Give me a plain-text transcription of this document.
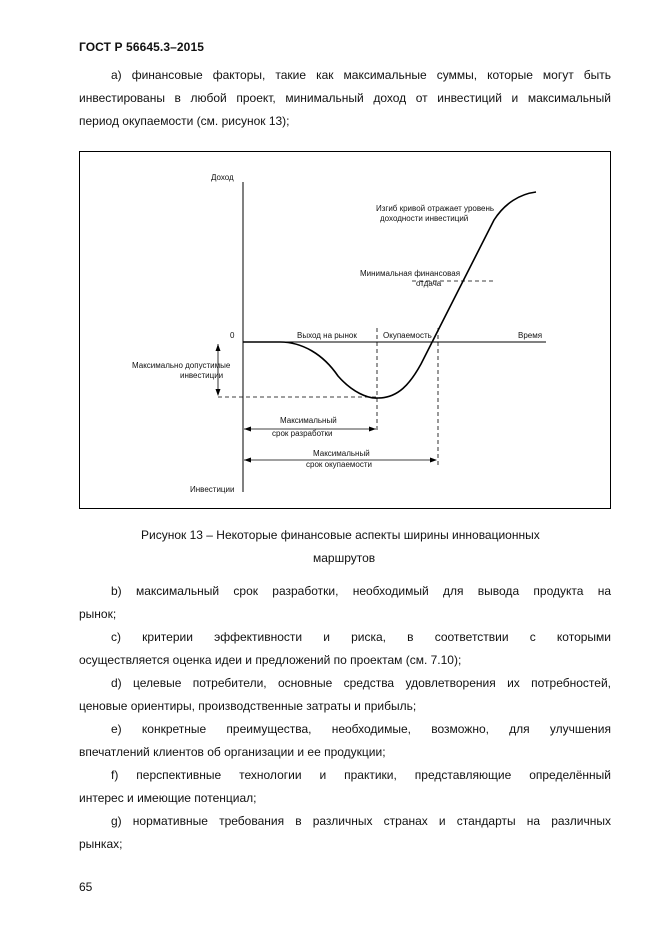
ГОСТ Р 56645.3–2015
а) финансовые факторы, такие как максимальные суммы, которые могут быть
инвестированы в любой проект, минимальный доход от инвестиций и максимальный
период окупаемости (см. рисунок 13);
Доход
Инвестиции
0	Выход на рынок	Окупаемость	Время
Максимально допустимые
инвестиции
Максимальный
срок разработки
Максимальный
срок окупаемости
Изгиб кривой отражает уровень
доходности инвестиций
Минимальная финансовая
отдача
Рисунок 13 – Некоторые финансовые аспекты ширины инновационных
маршрутов
b) максимальный срок разработки, необходимый для вывода продукта на
рынок;
c) критерии эффективности и риска, в соответствии с которыми
осуществляется оценка идеи и предложений по проектам (см. 7.10);
d) целевые потребители, основные средства удовлетворения их потребностей,
ценовые ориентиры, производственные затраты и прибыль;
e) конкретные преимущества, необходимые, возможно, для улучшения
впечатлений клиентов об организации и ее продукции;
f) перспективные технологии и практики, представляющие определённый
интерес и имеющие потенциал;
g) нормативные требования в различных странах и стандарты на различных
рынках;
65
